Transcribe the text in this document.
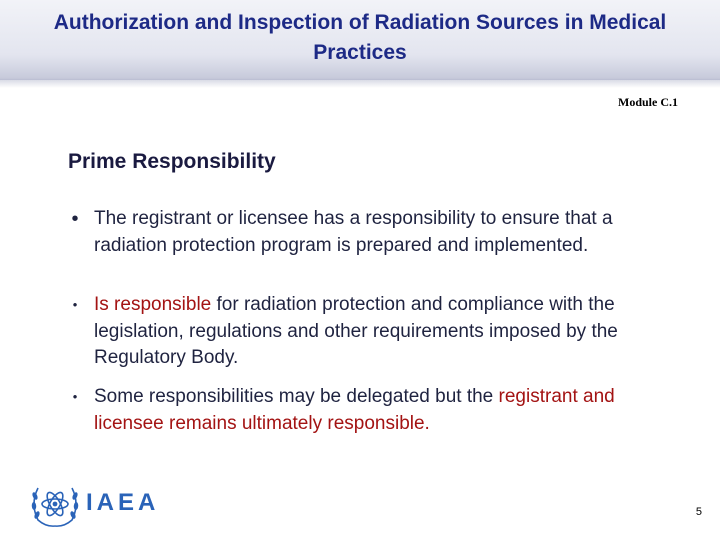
Authorization and Inspection of Radiation Sources in Medical Practices
Module C.1
Prime Responsibility
• The registrant or licensee has a responsibility to ensure that a radiation protection program is prepared and implemented.
• Is responsible for radiation protection and compliance with the legislation, regulations and other requirements imposed by the Regulatory Body.
• Some responsibilities may be delegated but the registrant and licensee remains ultimately responsible.
IAEA	5
